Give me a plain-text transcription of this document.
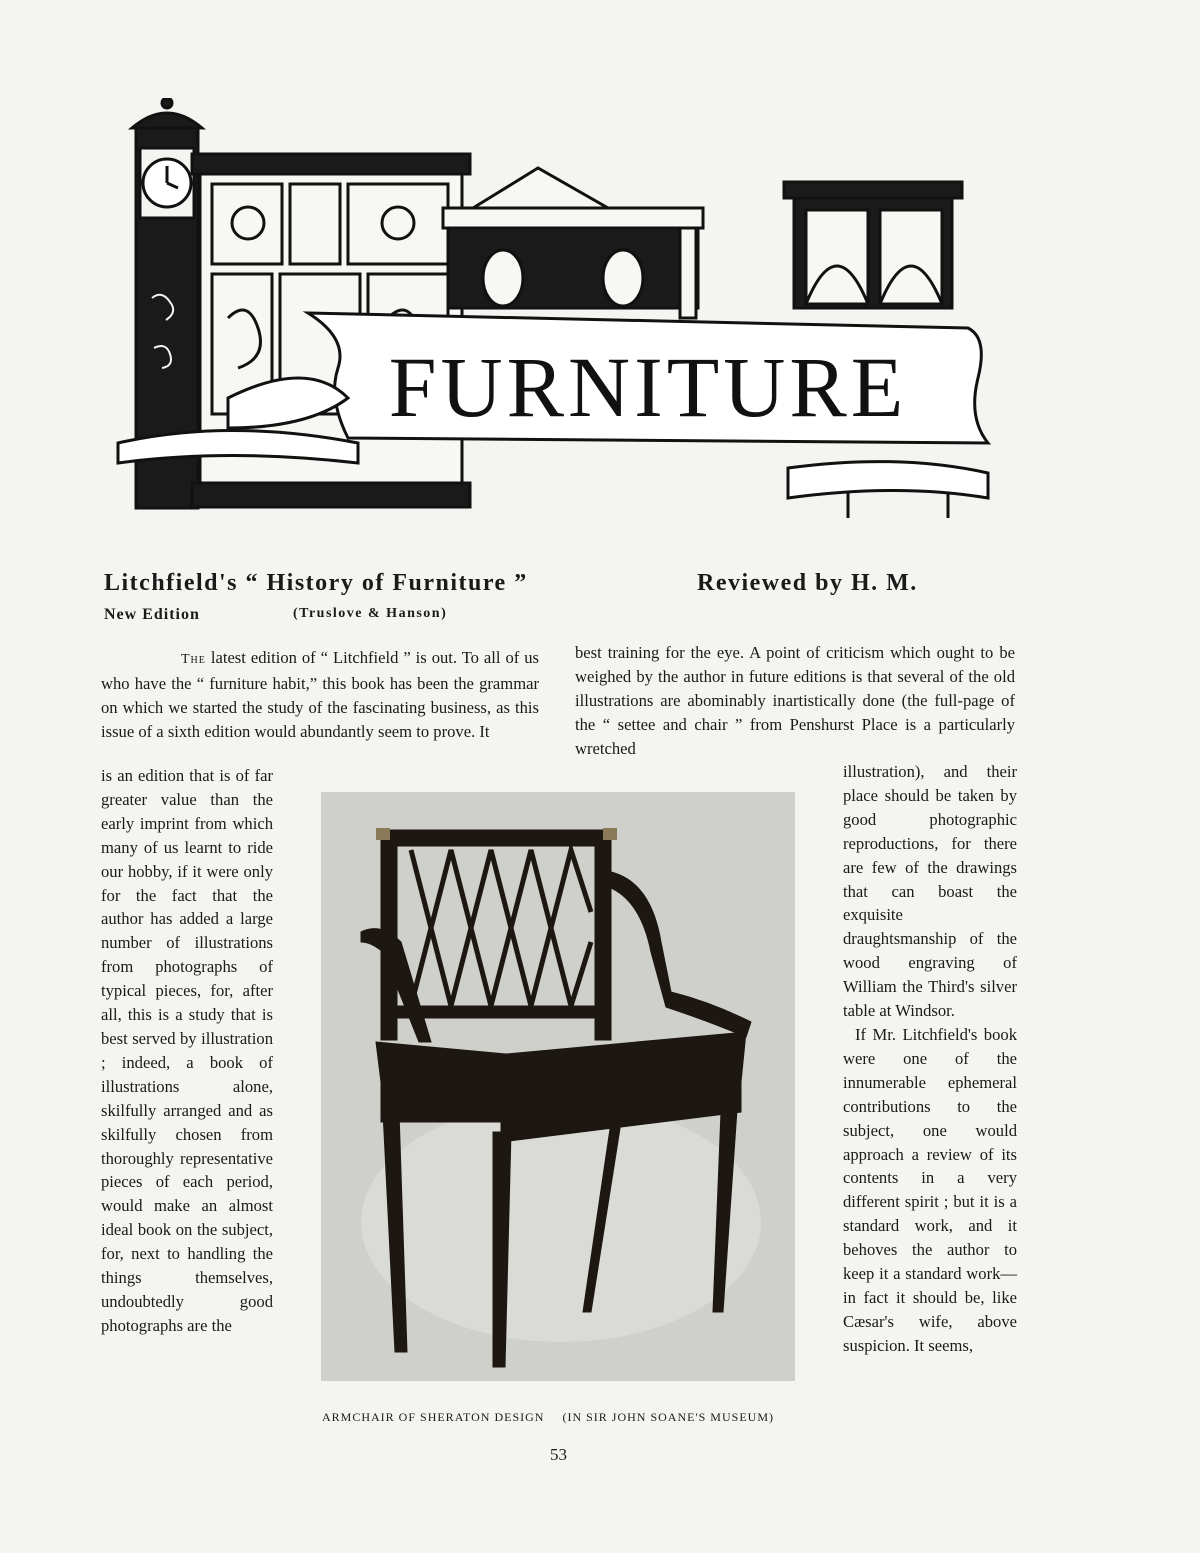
FURNITURE
Litchfield's “ History of Furniture ”	Reviewed by H. M.
New Edition	(Truslove & Hanson)

The latest edition of “ Litchfield ” is out. To all of us who have the “ furniture habit,” this book has been the grammar on which we started the study of the fascinating business, as this issue of a sixth edition would abundantly seem to prove. It

is an edition that is of far greater value than the early imprint from which many of us learnt to ride our hobby, if it were only for the fact that the author has added a large number of illustrations from photographs of typical pieces, for, after all, this is a study that is best served by illustration ; indeed, a book of illustrations alone, skilfully arranged and as skilfully chosen from thoroughly representative pieces of each period, would make an almost ideal book on the subject, for, next to handling the things themselves, undoubtedly good photographs are the

best training for the eye. A point of criticism which ought to be weighed by the author in future editions is that several of the old illustrations are abominably inartistically done (the full-page of the “ settee and chair ” from Penshurst Place is a particularly wretched

illustration), and their place should be taken by good photographic reproductions, for there are few of the drawings that can boast the exquisite draughtsmanship of the wood engraving of William the Third's silver table at Windsor.

If Mr. Litchfield's book were one of the innumerable ephemeral contributions to the subject, one would approach a review of its contents in a very different spirit ; but it is a standard work, and it behoves the author to keep it a standard work—in fact it should be, like Cæsar's wife, above suspicion. It seems,

ARMCHAIR OF SHERATON DESIGN (IN SIR JOHN SOANE'S MUSEUM)
53
